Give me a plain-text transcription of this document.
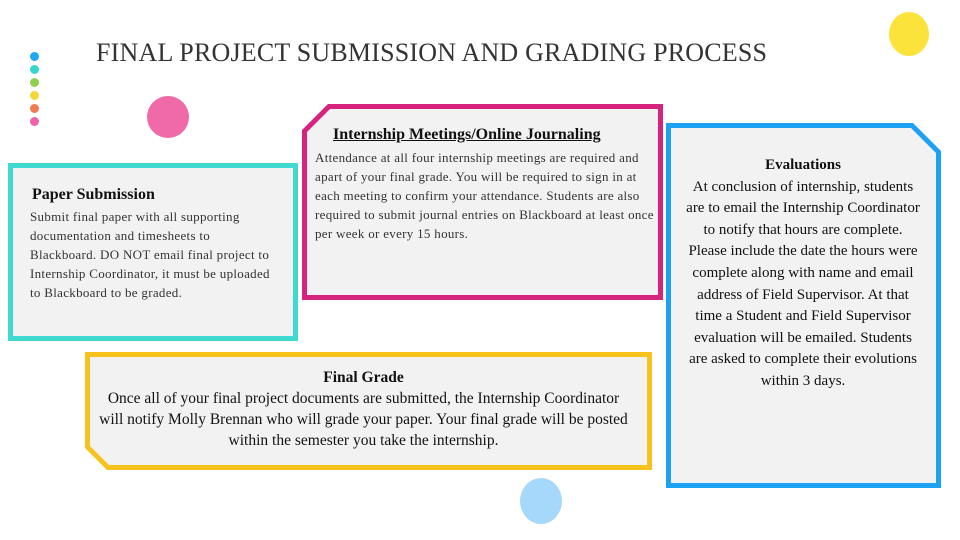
FINAL PROJECT SUBMISSION AND GRADING PROCESS
Paper Submission
Submit final paper with all supporting documentation and timesheets to Blackboard. DO NOT email final project to Internship Coordinator, it must be uploaded to Blackboard to be graded.
Internship Meetings/Online Journaling
Attendance at all four internship meetings are required and apart of your final grade. You will be required to sign in at each meeting to confirm your attendance. Students are also required to submit journal entries on Blackboard at least once per week or every 15 hours.
Final Grade
Once all of your final project documents are submitted, the Internship Coordinator will notify Molly Brennan who will grade your paper. Your final grade will be posted within the semester you take the internship.
Evaluations
At conclusion of internship, students are to email the Internship Coordinator to notify that hours are complete. Please include the date the hours were complete along with name and email address of Field Supervisor. At that time a Student and Field Supervisor evaluation will be emailed. Students are asked to complete their evolutions within 3 days.
